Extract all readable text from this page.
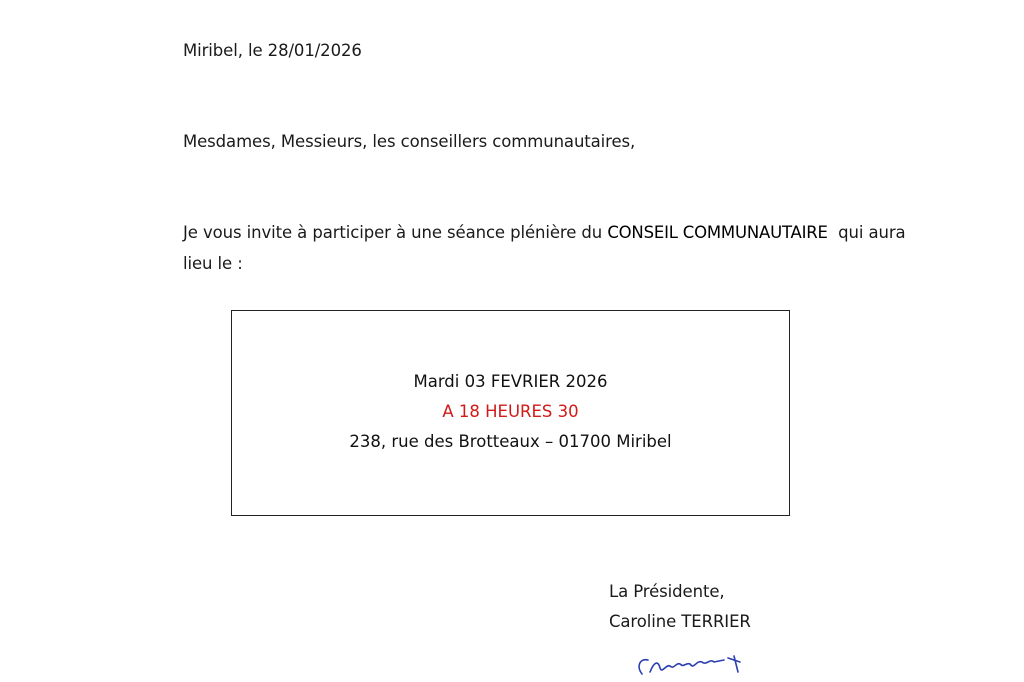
Miribel, le 28/01/2026
Mesdames, Messieurs, les conseillers communautaires,
Je vous invite à participer à une séance plénière du CONSEIL COMMUNAUTAIRE  qui aura
lieu le :
Mardi 03 FEVRIER 2026
A 18 HEURES 30
238, rue des Brotteaux – 01700 Miribel
La Présidente,
Caroline TERRIER
